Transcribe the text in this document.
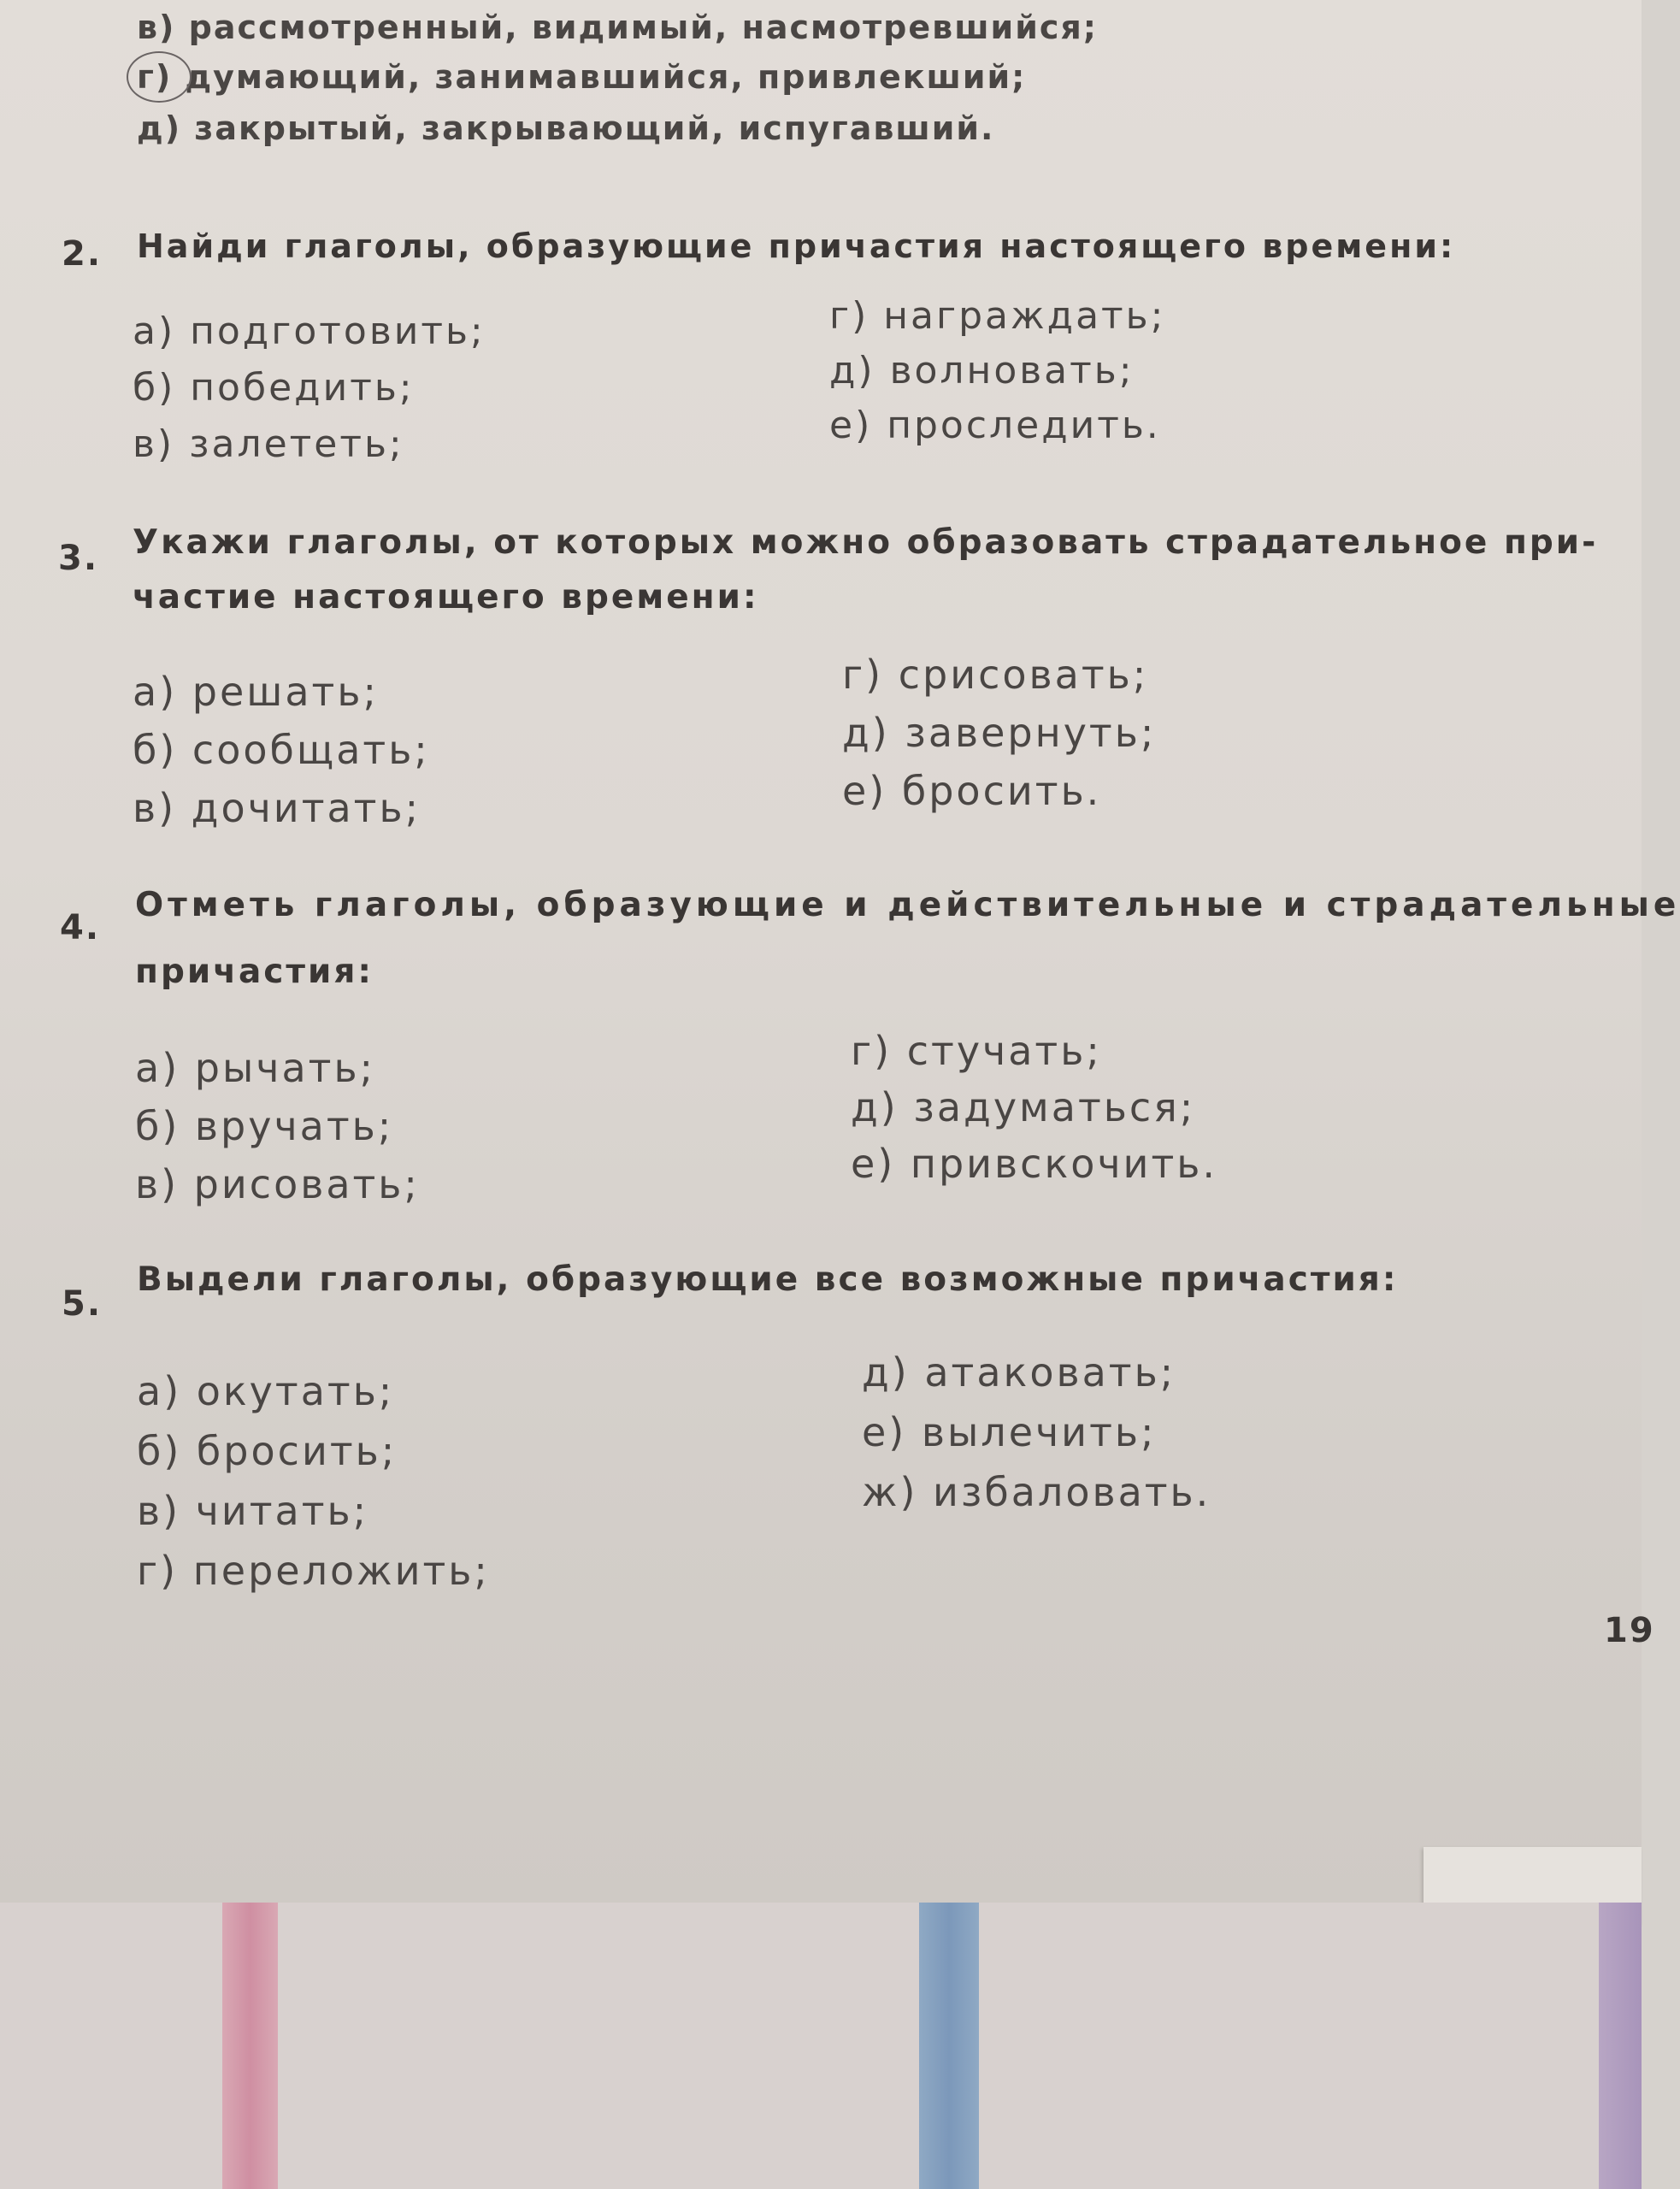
в) рассмотренный, видимый, насмотревшийся;
г) думающий, занимавшийся, привлекший;
д) закрытый, закрывающий, испугавший.
2. Найди глаголы, образующие причастия настоящего времени:
а) подготовить;
б) победить;
в) залететь;
г) награждать;
д) волновать;
е) проследить.
3. Укажи глаголы, от которых можно образовать страдательное при-
частие настоящего времени:
а) решать;
б) сообщать;
в) дочитать;
г) срисовать;
д) завернуть;
е) бросить.
4.
Отметь глаголы, образующие и действительные и страдательные
причастия:
а) рычать;
б) вручать;
в) рисовать;
г) стучать;
д) задуматься;
е) привскочить.
5.
Выдели глаголы, образующие все возможные причастия:
а) окутать;
б) бросить;
в) читать;
г) переложить;
д) атаковать;
е) вылечить;
ж) избаловать.
19
